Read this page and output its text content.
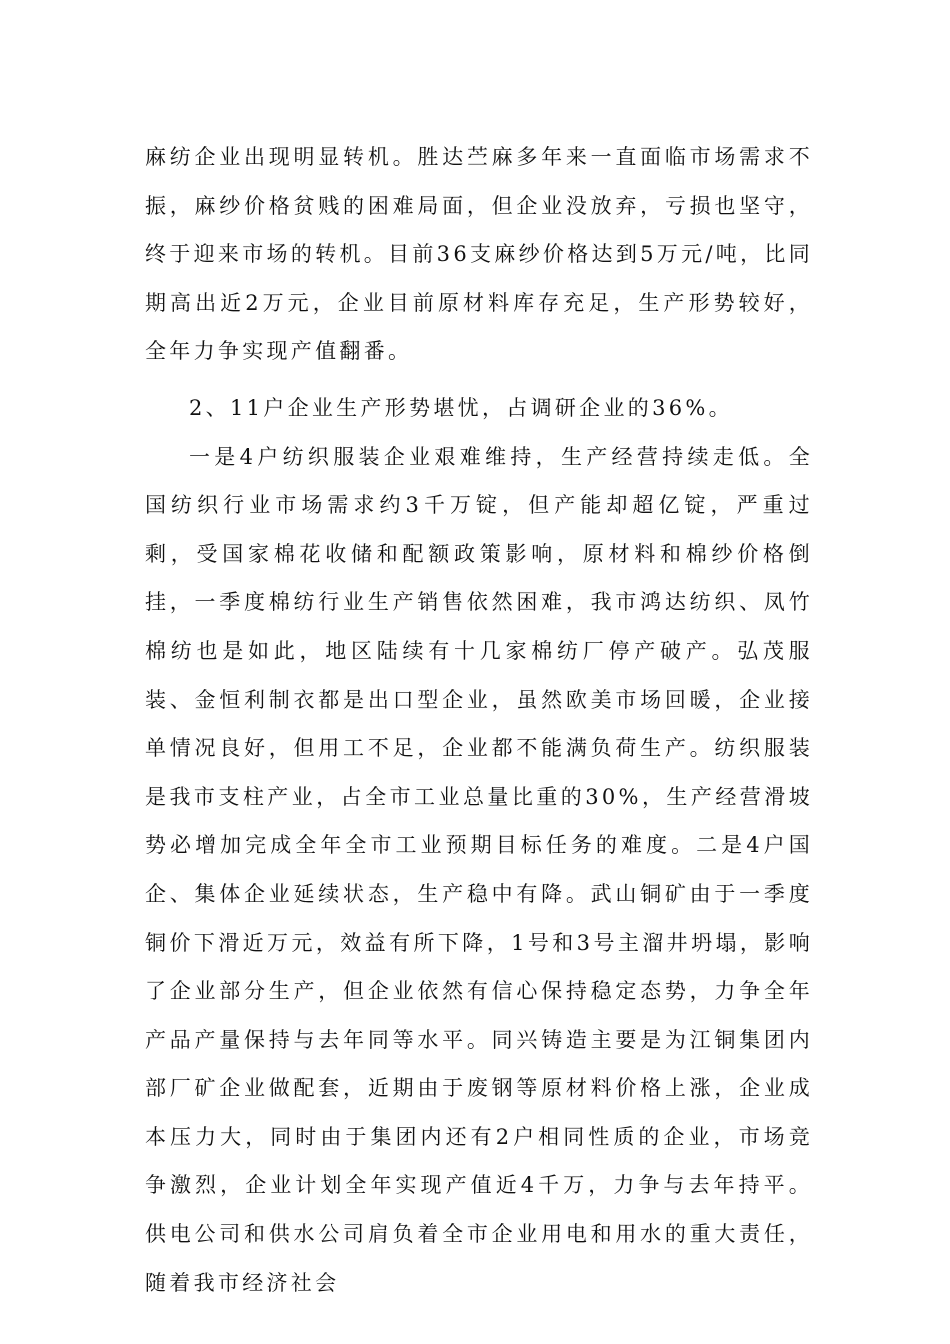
麻纺企业出现明显转机。胜达苎麻多年来一直面临市场需求不振，麻纱价格贫贱的困难局面，但企业没放弃，亏损也坚守，终于迎来市场的转机。目前36支麻纱价格达到5万元/吨，比同期高出近2万元，企业目前原材料库存充足，生产形势较好，全年力争实现产值翻番。

2、11户企业生产形势堪忧，占调研企业的36%。

一是4户纺织服装企业艰难维持，生产经营持续走低。全国纺织行业市场需求约3千万锭，但产能却超亿锭，严重过剩，受国家棉花收储和配额政策影响，原材料和棉纱价格倒挂，一季度棉纺行业生产销售依然困难，我市鸿达纺织、凤竹棉纺也是如此，地区陆续有十几家棉纺厂停产破产。弘茂服装、金恒利制衣都是出口型企业，虽然欧美市场回暖，企业接单情况良好，但用工不足，企业都不能满负荷生产。纺织服装是我市支柱产业，占全市工业总量比重的30%，生产经营滑坡势必增加完成全年全市工业预期目标任务的难度。二是4户国企、集体企业延续状态，生产稳中有降。武山铜矿由于一季度铜价下滑近万元，效益有所下降，1号和3号主溜井坍塌，影响了企业部分生产，但企业依然有信心保持稳定态势，力争全年产品产量保持与去年同等水平。同兴铸造主要是为江铜集团内部厂矿企业做配套，近期由于废钢等原材料价格上涨，企业成本压力大，同时由于集团内还有2户相同性质的企业，市场竞争激烈，企业计划全年实现产值近4千万，力争与去年持平。供电公司和供水公司肩负着全市企业用电和用水的重大责任，随着我市经济社会
